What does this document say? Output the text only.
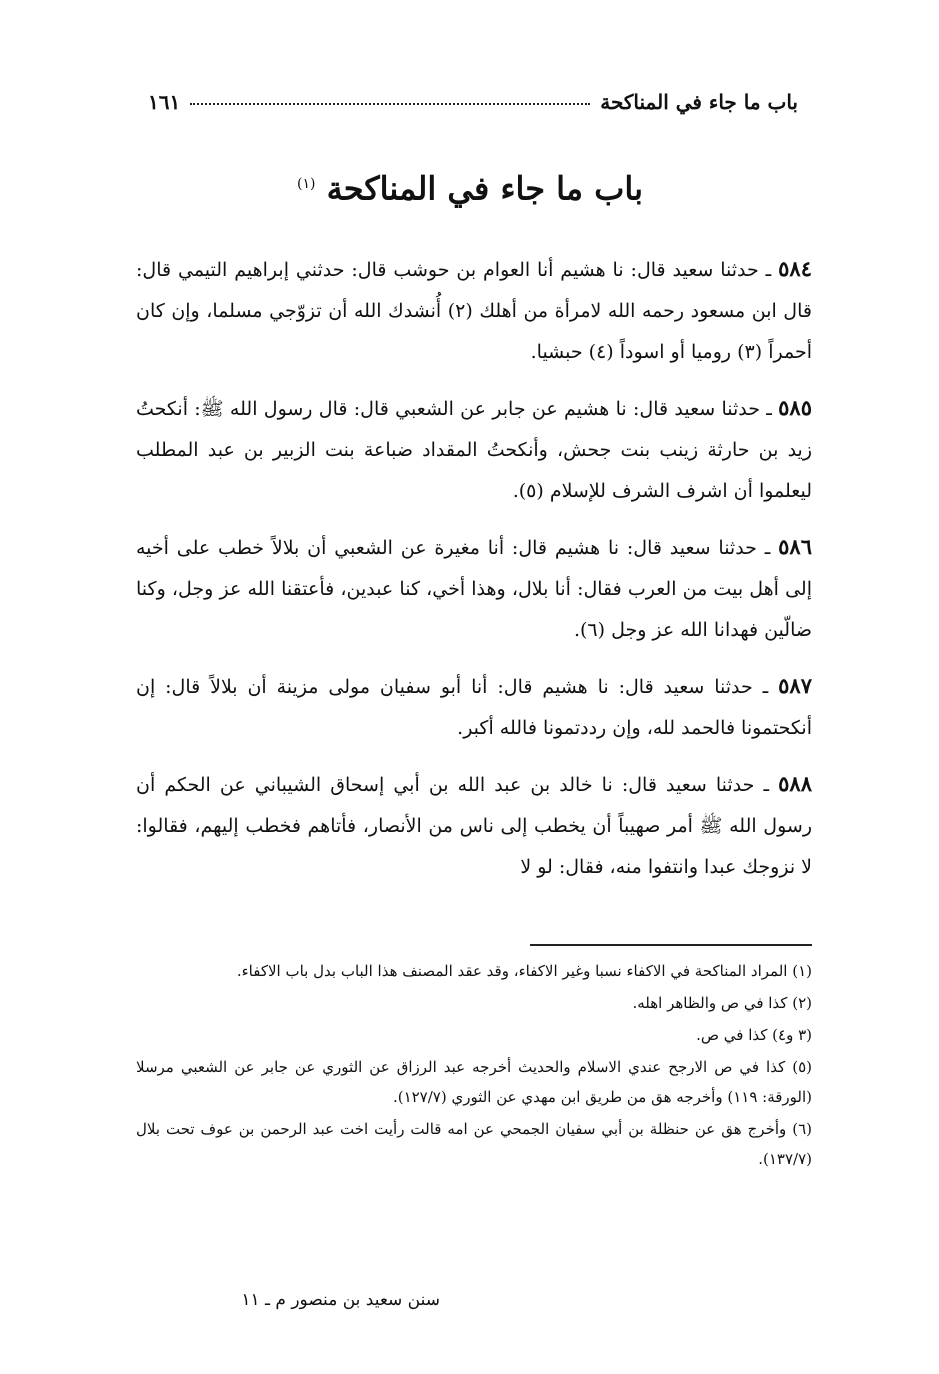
باب ما جاء في المناكحة
١٦١
باب ما جاء في المناكحة $^{(١)}$

٥٨٤ ـ حدثنا سعيد قال: نا هشيم أنا العوام بن حوشب قال: حدثني إبراهيم التيمي قال: قال ابن مسعود رحمه الله لامرأة من أهلك (٢) أُنشدك الله أن تزوّجي مسلما، وإن كان أحمراً (٣) روميا أو اسوداً (٤) حبشيا.

٥٨٥ ـ حدثنا سعيد قال: نا هشيم عن جابر عن الشعبي قال: قال رسول الله ﷺ: أنكحتُ زيد بن حارثة زينب بنت جحش، وأنكحتُ المقداد ضباعة بنت الزبير بن عبد المطلب ليعلموا أن اشرف الشرف للإسلام (٥).

٥٨٦ ـ حدثنا سعيد قال: نا هشيم قال: أنا مغيرة عن الشعبي أن بلالاً خطب على أخيه إلى أهل بيت من العرب فقال: أنا بلال، وهذا أخي، كنا عبدين، فأعتقنا الله عز وجل، وكنا ضالّين فهدانا الله عز وجل (٦).

٥٨٧ ـ حدثنا سعيد قال: نا هشيم قال: أنا أبو سفيان مولى مزينة أن بلالاً قال: إن أنكحتمونا فالحمد لله، وإن رددتمونا فالله أكبر.

٥٨٨ ـ حدثنا سعيد قال: نا خالد بن عبد الله بن أبي إسحاق الشيباني عن الحكم أن رسول الله ﷺ أمر صهيباً أن يخطب إلى ناس من الأنصار، فأتاهم فخطب إليهم، فقالوا: لا نزوجك عبدا وانتفوا منه، فقال: لو لا

(١) المراد المناكحة في الاكفاء نسبا وغير الاكفاء، وقد عقد المصنف هذا الباب بدل باب الاكفاء.

(٢) كذا في ص والظاهر اهله.

(٣ و٤) كذا في ص.

(٥) كذا في ص الارجح عندي الاسلام والحديث أخرجه عبد الرزاق عن الثوري عن جابر عن الشعبي مرسلا (الورقة: ١١٩) وأخرجه هق من طريق ابن مهدي عن الثوري (١٢٧/٧).

(٦) وأخرج هق عن حنظلة بن أبي سفيان الجمحي عن امه قالت رأيت اخت عبد الرحمن بن عوف تحت بلال (١٣٧/٧).

سنن سعيد بن منصور م ـ ١١
